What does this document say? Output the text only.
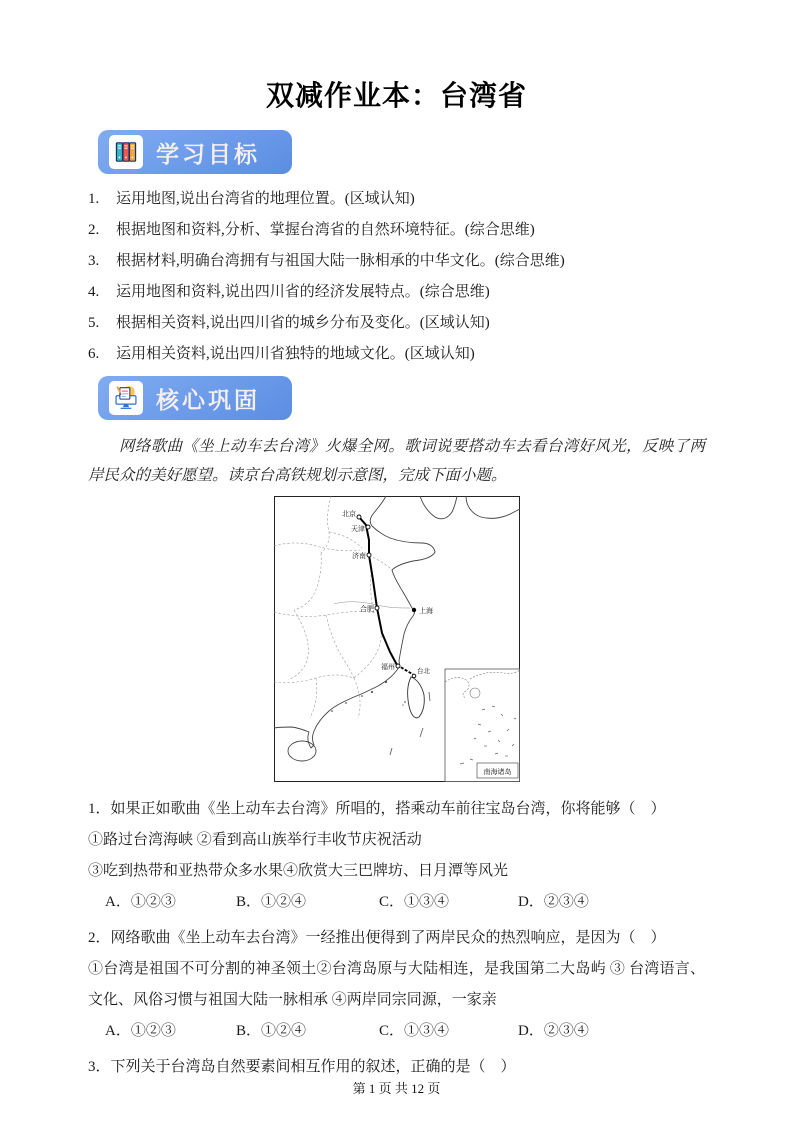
双减作业本：台湾省
学习目标
1.	运用地图,说出台湾省的地理位置。(区域认知)
2.	根据地图和资料,分析、掌握台湾省的自然环境特征。(综合思维)
3.	根据材料,明确台湾拥有与祖国大陆一脉相承的中华文化。(综合思维)
4.	运用地图和资料,说出四川省的经济发展特点。(综合思维)
5.	根据相关资料,说出四川省的城乡分布及变化。(区域认知)
6.	运用相关资料,说出四川省独特的地域文化。(区域认知)
核心巩固

网络歌曲《坐上动车去台湾》火爆全网。歌词说要搭动车去看台湾好风光，反映了两岸民众的美好愿望。读京台高铁规划示意图，完成下面小题。

北京
天津
济南
合肥	上海
福州
台北
南海诸岛
1．如果正如歌曲《坐上动车去台湾》所唱的，搭乘动车前往宝岛台湾，你将能够（　）
①路过台湾海峡 ②看到高山族举行丰收节庆祝活动
③吃到热带和亚热带众多水果④欣赏大三巴牌坊、日月潭等风光
A．①②③	B．①②④	C．①③④	D．②③④
2．网络歌曲《坐上动车去台湾》一经推出便得到了两岸民众的热烈响应，是因为（　）
①台湾是祖国不可分割的神圣领土②台湾岛原与大陆相连，是我国第二大岛屿 ③ 台湾语言、文化、风俗习惯与祖国大陆一脉相承 ④两岸同宗同源，一家亲
A．①②③	B．①②④	C．①③④	D．②③④
3．下列关于台湾岛自然要素间相互作用的叙述，正确的是（　）
第 1 页 共 12 页
